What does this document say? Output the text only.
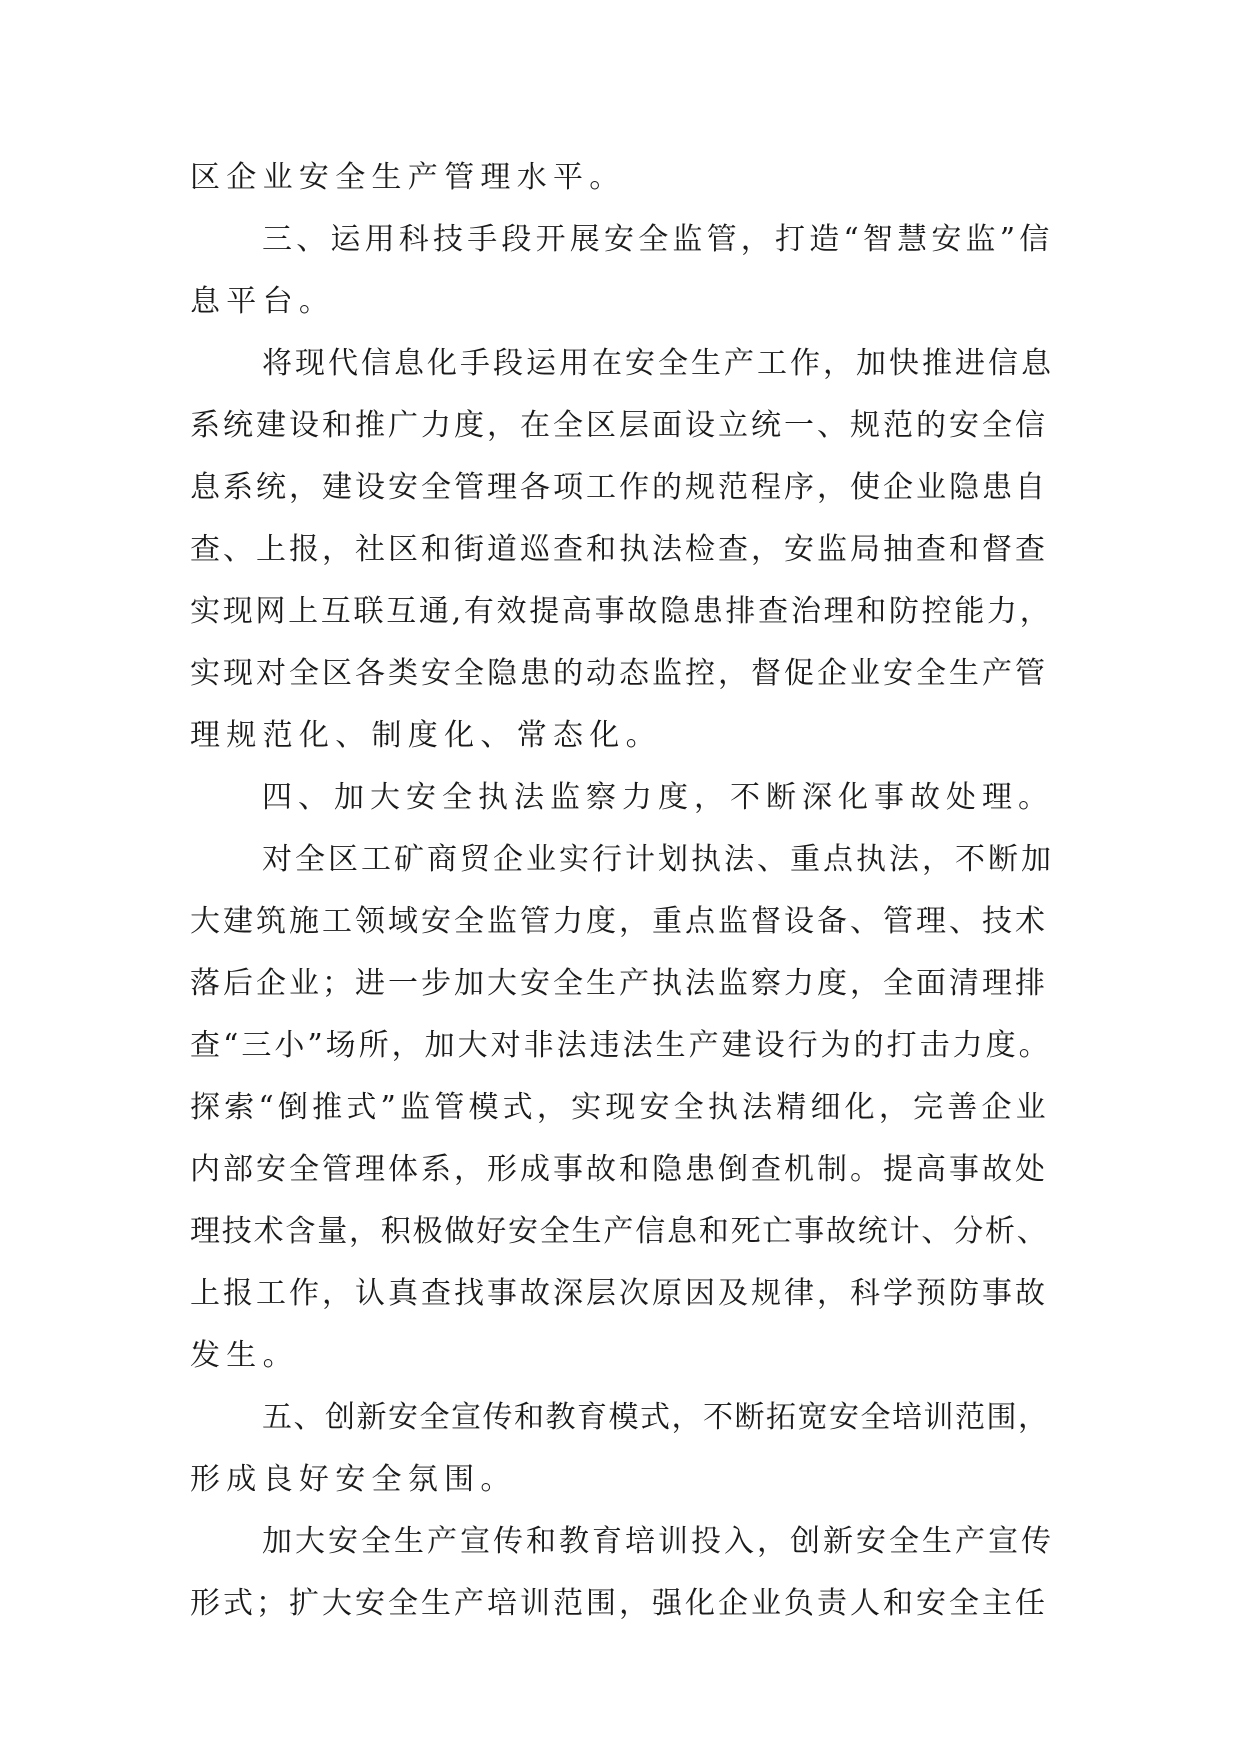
区企业安全生产管理水平。
三、运用科技手段开展安全监管，打造“智慧安监”信
息平台。
将现代信息化手段运用在安全生产工作，加快推进信息
系统建设和推广力度，在全区层面设立统一、规范的安全信
息系统，建设安全管理各项工作的规范程序，使企业隐患自
查、上报，社区和街道巡查和执法检查，安监局抽查和督查
实现网上互联互通,有效提高事故隐患排查治理和防控能力，
实现对全区各类安全隐患的动态监控，督促企业安全生产管
理规范化、制度化、常态化。
四、加大安全执法监察力度，不断深化事故处理。
对全区工矿商贸企业实行计划执法、重点执法，不断加
大建筑施工领域安全监管力度，重点监督设备、管理、技术
落后企业；进一步加大安全生产执法监察力度，全面清理排
查“三小”场所，加大对非法违法生产建设行为的打击力度。
探索“倒推式”监管模式，实现安全执法精细化，完善企业
内部安全管理体系，形成事故和隐患倒查机制。提高事故处
理技术含量，积极做好安全生产信息和死亡事故统计、分析、
上报工作，认真查找事故深层次原因及规律，科学预防事故
发生。
五、创新安全宣传和教育模式，不断拓宽安全培训范围，
形成良好安全氛围。
加大安全生产宣传和教育培训投入，创新安全生产宣传
形式；扩大安全生产培训范围，强化企业负责人和安全主任
